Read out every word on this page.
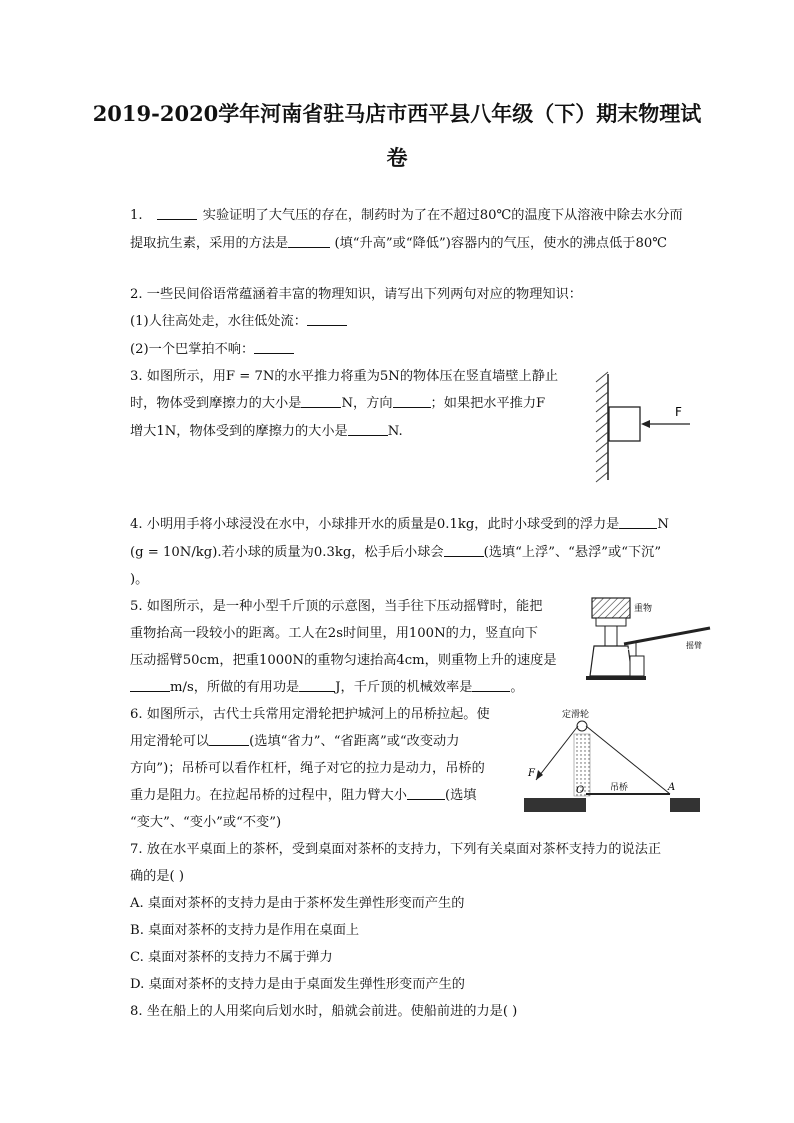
2019-2020学年河南省驻马店市西平县八年级（下）期末物理试
卷
1.	实验证明了大气压的存在，制药时为了在不超过80℃的温度下从溶液中除去水分而
提取抗生素，采用的方法是	(填“升高”或“降低”)容器内的气压，使水的沸点低于80℃
2. 一些民间俗语常蕴涵着丰富的物理知识，请写出下列两句对应的物理知识：
(1)人往高处走，水往低处流：
(2)一个巴掌拍不响：
3. 如图所示，用F = 7N的水平推力将重为5N的物体压在竖直墙壁上静止
时，物体受到摩擦力的大小是	N，方向	；如果把水平推力F
增大1N，物体受到的摩擦力的大小是	N.
F
4. 小明用手将小球浸没在水中，小球排开水的质量是0.1kg，此时小球受到的浮力是	N
(g = 10N/kg).若小球的质量为0.3kg，松手后小球会	(选填“上浮”、“悬浮”或“下沉”
)。
5. 如图所示，是一种小型千斤顶的示意图，当手往下压动摇臂时，能把
重物抬高一段较小的距离。工人在2s时间里，用100N的力，竖直向下
压动摇臂50cm，把重1000N的重物匀速抬高4cm，则重物上升的速度是
m/s，所做的有用功是	J，千斤顶的机械效率是	。
重物
摇臂
6. 如图所示，古代士兵常用定滑轮把护城河上的吊桥拉起。使
用定滑轮可以	(选填“省力”、“省距离”或“改变动力
方向”)；吊桥可以看作杠杆，绳子对它的拉力是动力，吊桥的
重力是阻力。在拉起吊桥的过程中，阻力臂大小	(选填
“变大”、“变小”或“不变”)
定滑轮
F
O	吊桥	A
7. 放在水平桌面上的茶杯，受到桌面对茶杯的支持力，下列有关桌面对茶杯支持力的说法正
确的是( )
A. 桌面对茶杯的支持力是由于茶杯发生弹性形变而产生的
B. 桌面对茶杯的支持力是作用在桌面上
C. 桌面对茶杯的支持力不属于弹力
D. 桌面对茶杯的支持力是由于桌面发生弹性形变而产生的
8. 坐在船上的人用桨向后划水时，船就会前进。使船前进的力是( )
